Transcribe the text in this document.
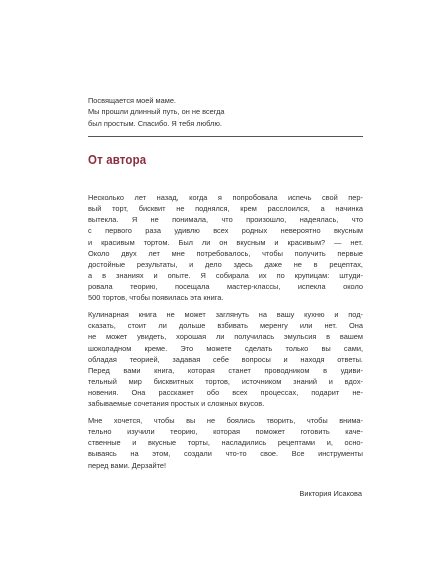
Посвящается моей маме.
Мы прошли длинный путь, он не всегда
был простым. Спасибо. Я тебя люблю.
От автора
Несколько лет назад, когда я попробовала испечь свой пер-
вый торт, бисквит не поднялся, крем расслоился, а начинка
вытекла. Я не понимала, что произошло, надеялась, что
с первого раза удивлю всех родных невероятно вкусным
и красивым тортом. Был ли он вкусным и красивым? — нет.
Около двух лет мне потребовалось, чтобы получить первые
достойные результаты, и дело здесь даже не в рецептах,
а в знаниях и опыте. Я собирала их по крупицам: штуди-
ровала теорию, посещала мастер-классы, испекла около
500 тортов, чтобы появилась эта книга.
Кулинарная книга не может заглянуть на вашу кухню и под-
сказать, стоит ли дольше взбивать меренгу или нет. Она
не может увидеть, хорошая ли получилась эмульсия в вашем
шоколадном креме. Это можете сделать только вы сами,
обладая теорией, задавая себе вопросы и находя ответы.
Перед вами книга, которая станет проводником в удиви-
тельный мир бисквитных тортов, источником знаний и вдох-
новения. Она расскажет обо всех процессах, подарит не-
забываемые сочетания простых и сложных вкусов.
Мне хочется, чтобы вы не боялись творить, чтобы внима-
тельно изучили теорию, которая поможет готовить каче-
ственные и вкусные торты, насладились рецептами и, осно-
вываясь на этом, создали что-то свое. Все инструменты
перед вами. Дерзайте!
Виктория Исакова
